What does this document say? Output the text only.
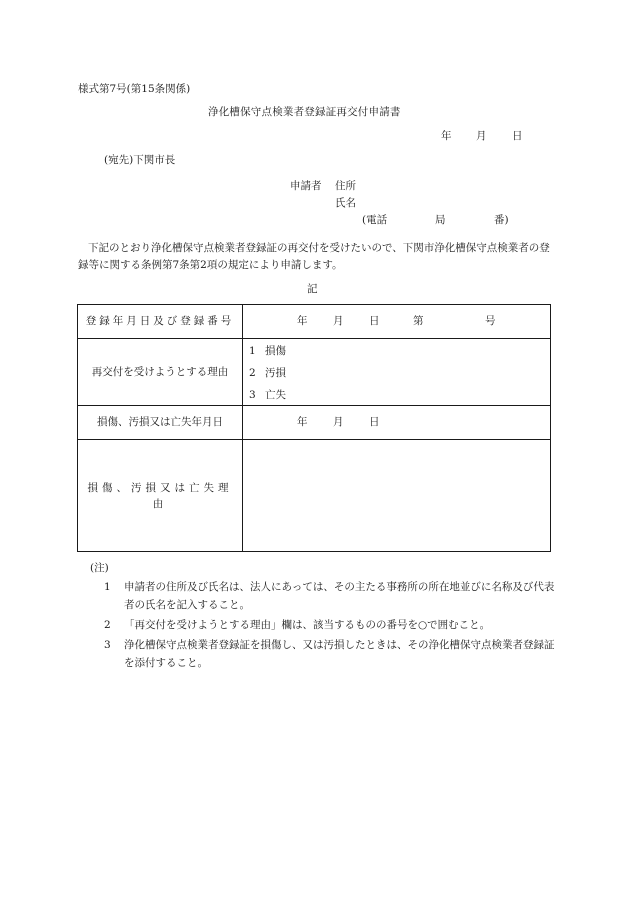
様式第7号(第15条関係)
浄化槽保守点検業者登録証再交付申請書
年 月 日
(宛先)下関市長
申請者 住所
氏名
(電話	局	番)
下記のとおり浄化槽保守点検業者登録証の再交付を受けたいので、下関市浄化槽保守点検業者の登録等に関する条例第7条第2項の規定により申請します。
記
登録年月日及び登録番号	年 月 日 第 号

再交付を受けようとする理由	1 損傷
2 汚損
3 亡失

損傷、汚損又は亡失年月日	年 月 日

損傷、汚損又は亡失理由	

(注)
1	申請者の住所及び氏名は、法人にあっては、その主たる事務所の所在地並びに名称及び代表者の氏名を記入すること。
2	「再交付を受けようとする理由」欄は、該当するものの番号を○で囲むこと。
3	浄化槽保守点検業者登録証を損傷し、又は汚損したときは、その浄化槽保守点検業者登録証を添付すること。
